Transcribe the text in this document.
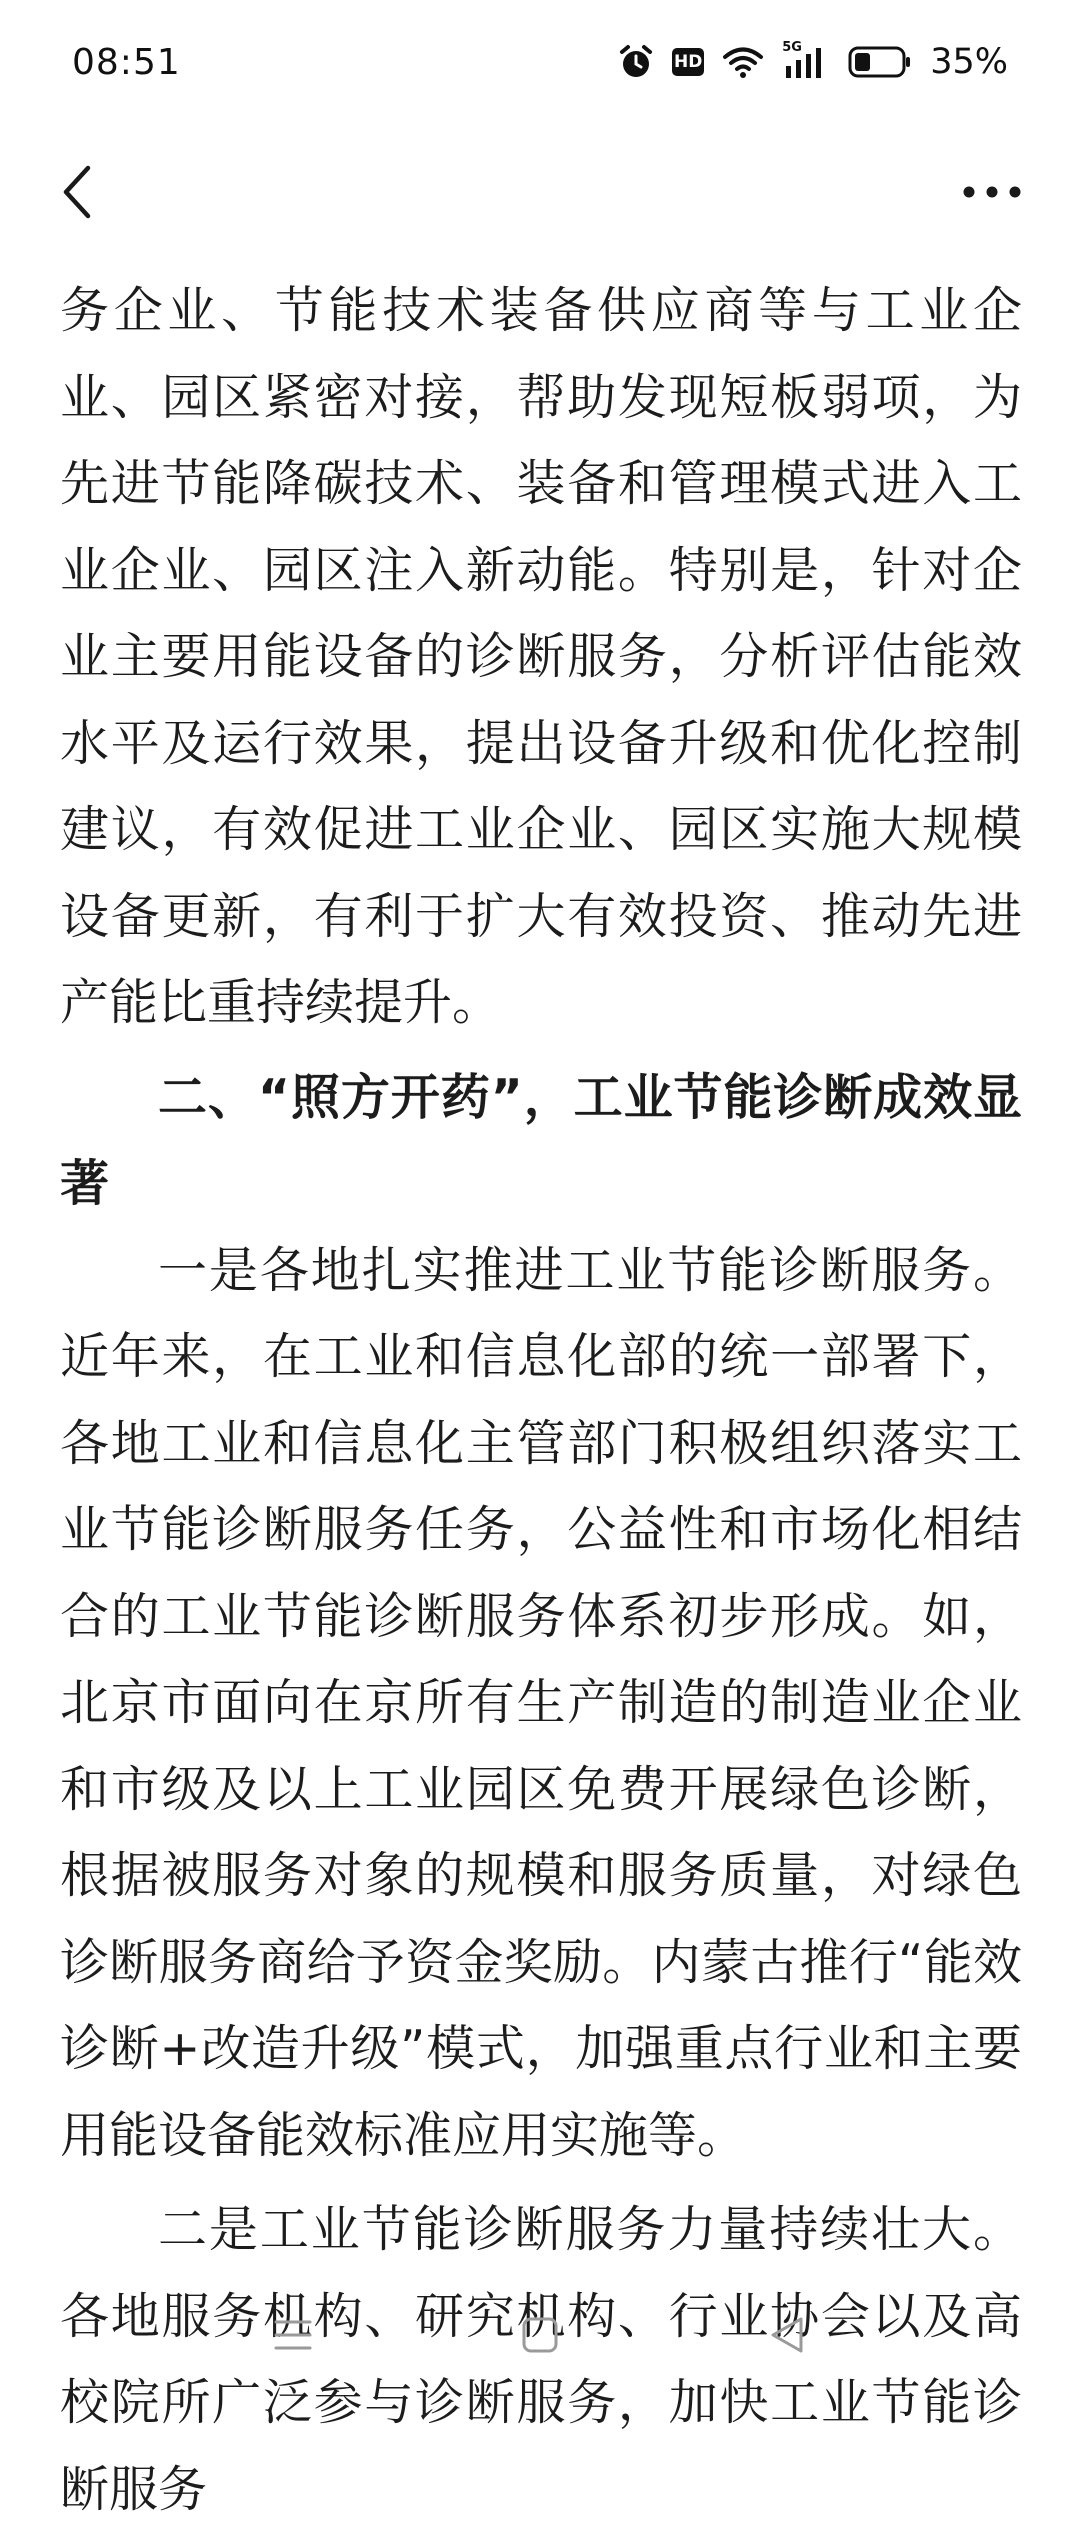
08:51	HD
5G	35%

务企业、节能技术装备供应商等与工业企业、园区紧密对接，帮助发现短板弱项，为先进节能降碳技术、装备和管理模式进入工业企业、园区注入新动能。特别是，针对企业主要用能设备的诊断服务，分析评估能效水平及运行效果，提出设备升级和优化控制建议，有效促进工业企业、园区实施大规模设备更新，有利于扩大有效投资、推动先进产能比重持续提升。

二、“照方开药”，工业节能诊断成效显著

一是各地扎实推进工业节能诊断服务。近年来，在工业和信息化部的统一部署下，各地工业和信息化主管部门积极组织落实工业节能诊断服务任务，公益性和市场化相结合的工业节能诊断服务体系初步形成。如，北京市面向在京所有生产制造的制造业企业和市级及以上工业园区免费开展绿色诊断，根据被服务对象的规模和服务质量，对绿色诊断服务商给予资金奖励。内蒙古推行“能效诊断+改造升级”模式，加强重点行业和主要用能设备能效标准应用实施等。

二是工业节能诊断服务力量持续壮大。各地服务机构、研究机构、行业协会以及高校院所广泛参与诊断服务，加快工业节能诊断服务
